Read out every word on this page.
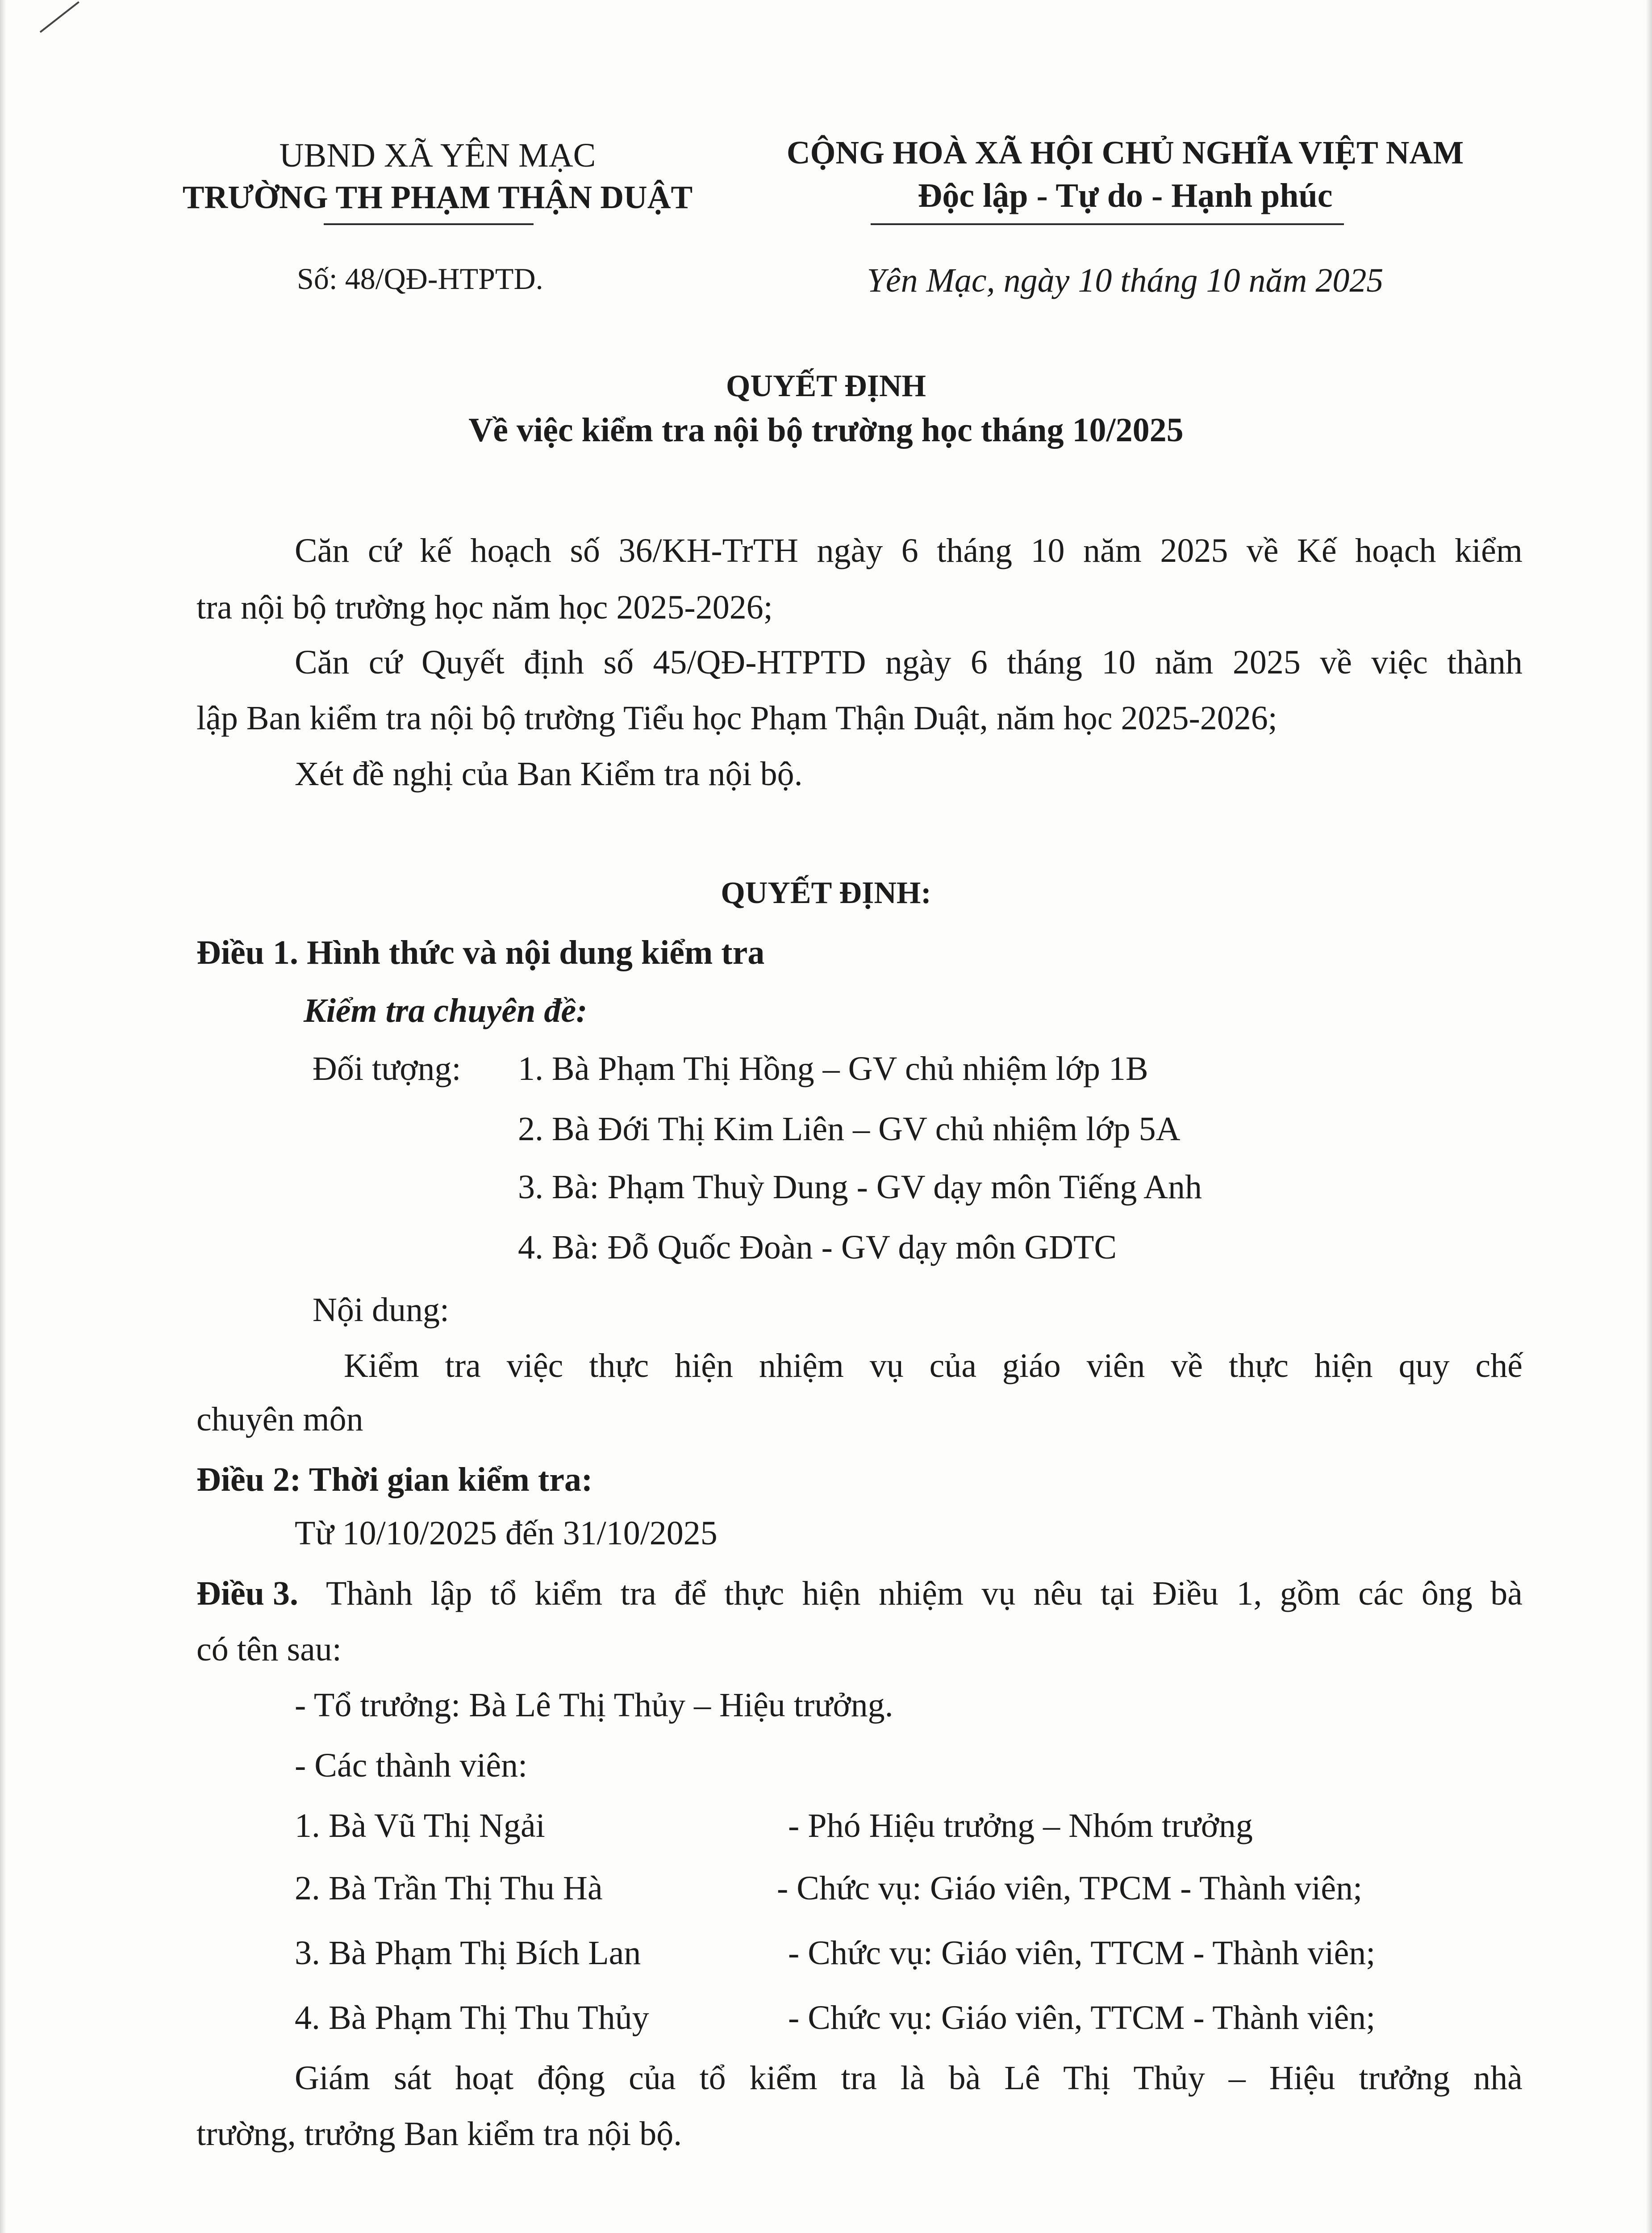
UBND XÃ YÊN MẠC
TRƯỜNG TH PHẠM THẬN DUẬT
CỘNG HOÀ XÃ HỘI CHỦ NGHĨA VIỆT NAM
Độc lập - Tự do - Hạnh phúc
Số: 48/QĐ-HTPTD.	Yên Mạc, ngày 10 tháng 10 năm 2025
QUYẾT ĐỊNH
Về việc kiểm tra nội bộ trường học tháng 10/2025
Căn cứ kế hoạch số 36/KH-TrTH ngày 6 tháng 10 năm 2025 về Kế hoạch kiểm
tra nội bộ trường học năm học 2025-2026;
Căn cứ Quyết định số 45/QĐ-HTPTD ngày 6 tháng 10 năm 2025 về việc thành
lập Ban kiểm tra nội bộ trường Tiểu học Phạm Thận Duật, năm học 2025-2026;
Xét đề nghị của Ban Kiểm tra nội bộ.
QUYẾT ĐỊNH:
Điều 1. Hình thức và nội dung kiểm tra
Kiểm tra chuyên đề:
Đối tượng: 1. Bà Phạm Thị Hồng – GV chủ nhiệm lớp 1B
2. Bà Đới Thị Kim Liên – GV chủ nhiệm lớp 5A
3. Bà: Phạm Thuỳ Dung - GV dạy môn Tiếng Anh
4. Bà: Đỗ Quốc Đoàn - GV dạy môn GDTC
Nội dung:
Kiểm tra việc thực hiện nhiệm vụ của giáo viên về thực hiện quy chế
chuyên môn
Điều 2: Thời gian kiểm tra:
Từ 10/10/2025 đến 31/10/2025
Điều 3. Thành lập tổ kiểm tra để thực hiện nhiệm vụ nêu tại Điều 1, gồm các ông bà
có tên sau:
- Tổ trưởng: Bà Lê Thị Thủy – Hiệu trưởng.
- Các thành viên:
1. Bà Vũ Thị Ngải	- Phó Hiệu trưởng – Nhóm trưởng
2. Bà Trần Thị Thu Hà	- Chức vụ: Giáo viên, TPCM - Thành viên;
3. Bà Phạm Thị Bích Lan	- Chức vụ: Giáo viên, TTCM - Thành viên;
4. Bà Phạm Thị Thu Thủy	- Chức vụ: Giáo viên, TTCM - Thành viên;
Giám sát hoạt động của tổ kiểm tra là bà Lê Thị Thủy – Hiệu trưởng nhà
trường, trưởng Ban kiểm tra nội bộ.
